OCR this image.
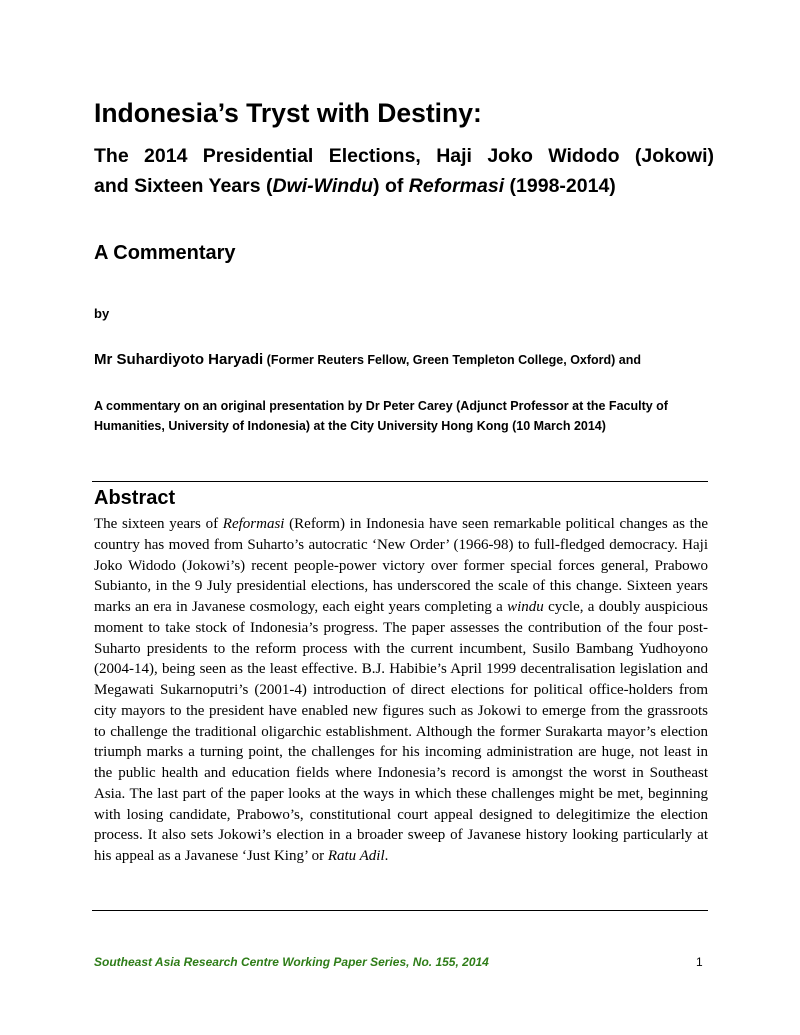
Indonesia’s Tryst with Destiny:
The 2014 Presidential Elections, Haji Joko Widodo (Jokowi)
and Sixteen Years (Dwi-Windu) of Reformasi (1998-2014)
A Commentary

by

Mr Suhardiyoto Haryadi (Former Reuters Fellow, Green Templeton College, Oxford) and

A commentary on an original presentation by Dr Peter Carey (Adjunct Professor at the Faculty of Humanities, University of Indonesia) at the City University Hong Kong (10 March 2014)

Abstract

The sixteen years of Reformasi (Reform) in Indonesia have seen remarkable political changes as the country has moved from Suharto’s autocratic ‘New Order’ (1966-98) to full-fledged democracy. Haji Joko Widodo (Jokowi’s) recent people-power victory over former special forces general, Prabowo Subianto, in the 9 July presidential elections, has underscored the scale of this change. Sixteen years marks an era in Javanese cosmology, each eight years completing a windu cycle, a doubly auspicious moment to take stock of Indonesia’s progress. The paper assesses the contribution of the four post-Suharto presidents to the reform process with the current incumbent, Susilo Bambang Yudhoyono (2004-14), being seen as the least effective. B.J. Habibie’s April 1999 decentralisation legislation and Megawati Sukarnoputri’s (2001-4) introduction of direct elections for political office-holders from city mayors to the president have enabled new figures such as Jokowi to emerge from the grassroots to challenge the traditional oligarchic establishment. Although the former Surakarta mayor’s election triumph marks a turning point, the challenges for his incoming administration are huge, not least in the public health and education fields where Indonesia’s record is amongst the worst in Southeast Asia. The last part of the paper looks at the ways in which these challenges might be met, beginning with losing candidate, Prabowo’s, constitutional court appeal designed to delegitimize the election process. It also sets Jokowi’s election in a broader sweep of Javanese history looking particularly at his appeal as a Javanese ‘Just King’ or Ratu Adil.

Southeast Asia Research Centre Working Paper Series, No. 155, 2014	1
